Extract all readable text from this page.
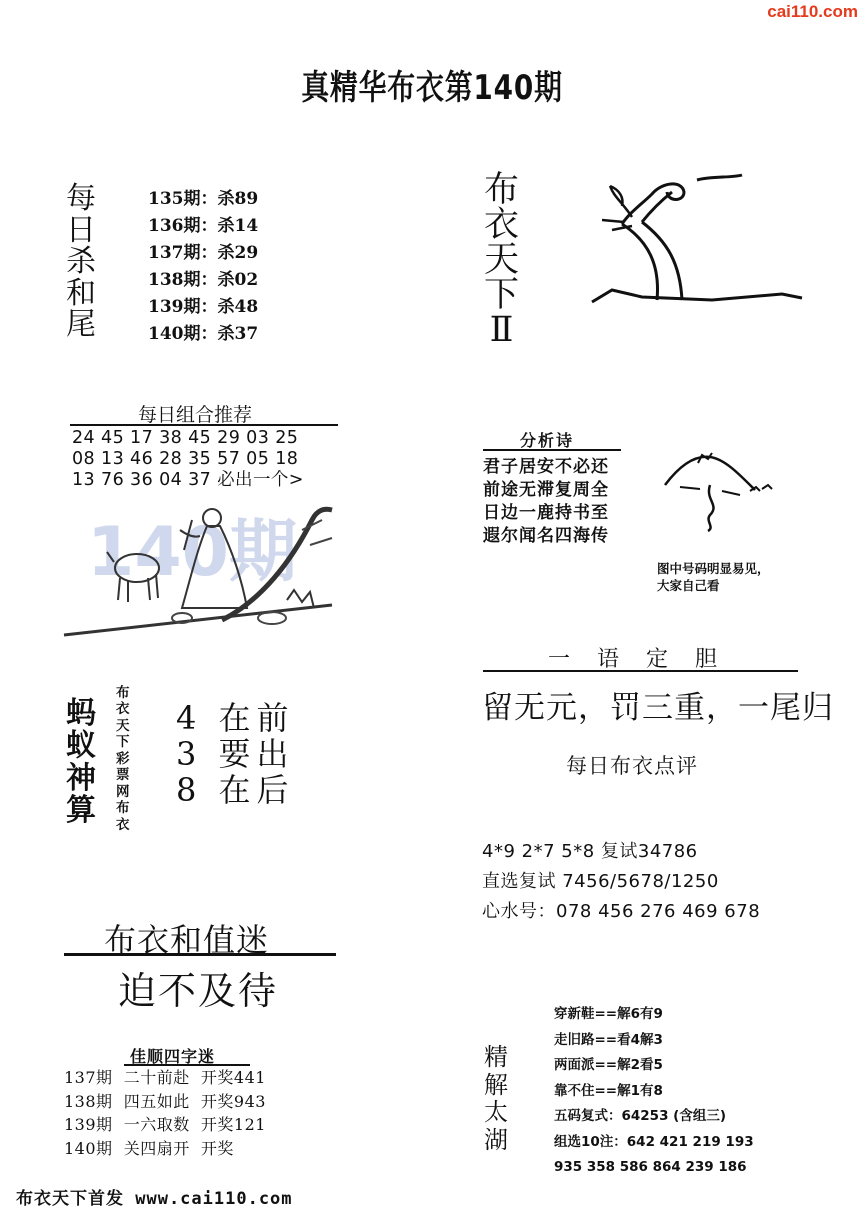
cai110.com
真精华布衣第140期
每
日
杀
和
尾
135期：杀89
136期：杀14
137期：杀29
138期：杀02
139期：杀48
140期：杀37
布
衣
天
下
Ⅱ
每日组合推荐
24 45 17 38 45 29 03 25
08 13 46 28 35 57 05 18
13 76 36 04 37 必出一个>
140期
分析诗
君子居安不必还
前途无滞复周全
日边一鹿持书至
遐尔闻名四海传
图中号码明显易见，
大家自己看
一 语 定 胆
留无元，罚三重，一尾归
蚂
蚁
神
算
布
衣
天
下
彩
票
网
布
衣
4 在前
3 要出
8 在后
每日布衣点评
4*9 2*7 5*8 复试34786
直选复试 7456/5678/1250
心水号：078 456 276 469 678
布衣和值迷
迫不及待
佳顺四字迷
137期  二十前赴  开奖441
138期  四五如此  开奖943
139期  一六取数  开奖121
140期  关四扇开  开奖
精
解
太
湖
穿新鞋==解6有9
走旧路==看4解3
两面派==解2看5
靠不住==解1有8
五码复式：64253 (含组三)
组选10注：642 421 219 193
935 358 586 864 239 186
布衣天下首发 www.cai110.com
